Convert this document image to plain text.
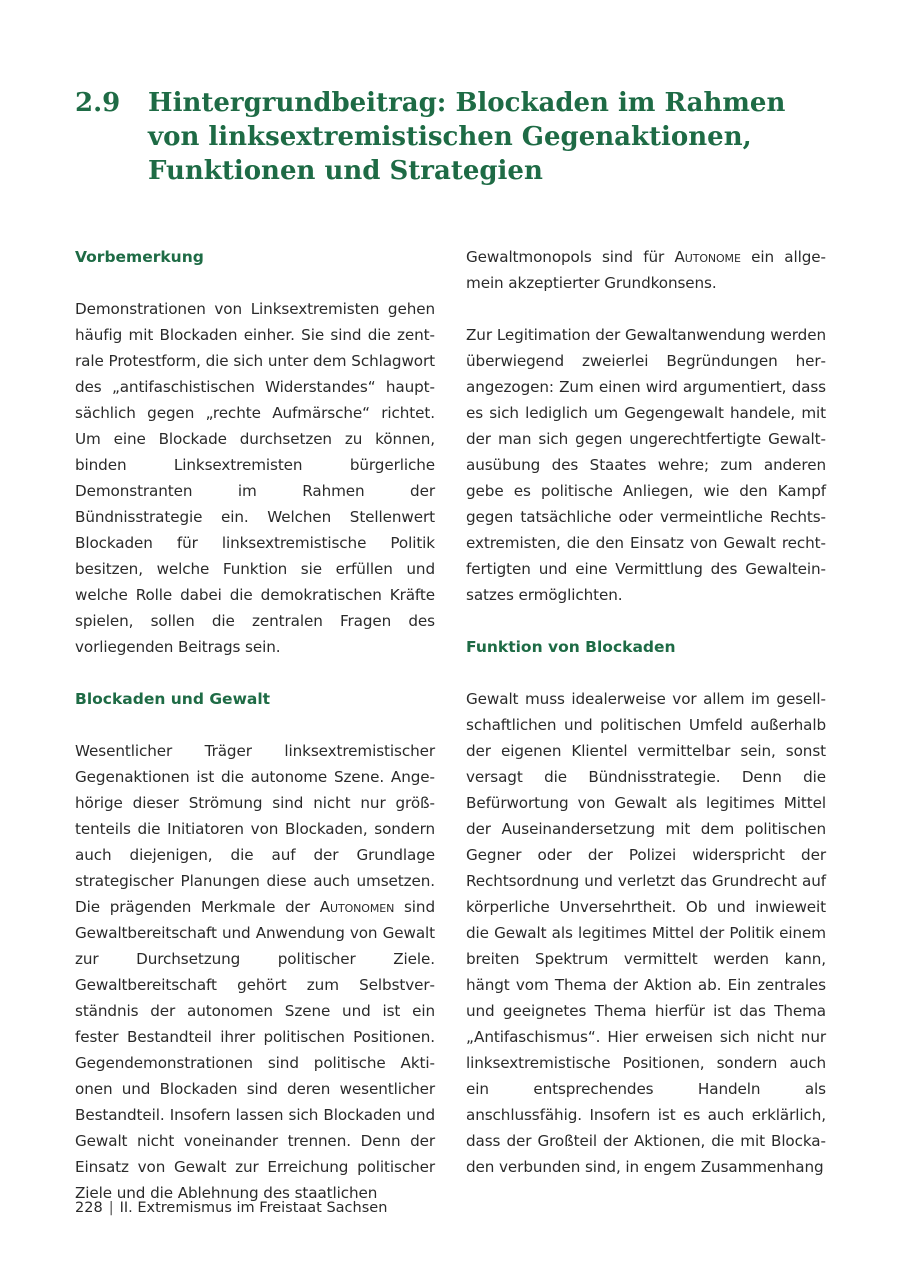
2.9 Hintergrundbeitrag: Blockaden im Rahmen von linksextremistischen Gegenaktionen, Funktionen und Strategien
Vorbemerkung

Demonstrationen von Linksextremisten gehen häufig mit Blockaden einher. Sie sind die zentrale Protestform, die sich unter dem Schlagwort des „antifaschistischen Widerstandes“ hauptsächlich gegen „rechte Aufmärsche“ richtet. Um eine Blockade durchsetzen zu können, binden Linksextremisten bürgerliche Demonstranten im Rahmen der Bündnisstrategie ein. Welchen Stellenwert Blockaden für linksextremistische Politik besitzen, welche Funktion sie erfüllen und welche Rolle dabei die demokratischen Kräfte spielen, sollen die zentralen Fragen des vorliegenden Beitrags sein.

Blockaden und Gewalt

Wesentlicher Träger linksextremistischer Gegenaktionen ist die autonome Szene. Angehörige dieser Strömung sind nicht nur größtenteils die Initiatoren von Blockaden, sondern auch diejenigen, die auf der Grundlage strategischer Planungen diese auch umsetzen. Die prägenden Merkmale der Autonomen sind Gewaltbereitschaft und Anwendung von Gewalt zur Durchsetzung politischer Ziele. Gewaltbereitschaft gehört zum Selbstverständnis der autonomen Szene und ist ein fester Bestandteil ihrer politischen Positionen. Gegendemonstrationen sind politische Aktionen und Blockaden sind deren wesentlicher Bestandteil. Insofern lassen sich Blockaden und Gewalt nicht voneinander trennen. Denn der Einsatz von Gewalt zur Erreichung politischer Ziele und die Ablehnung des staatlichen

Gewaltmonopols sind für Autonome ein allgemein akzeptierter Grundkonsens.

Zur Legitimation der Gewaltanwendung werden überwiegend zweierlei Begründungen herangezogen: Zum einen wird argumentiert, dass es sich lediglich um Gegengewalt handele, mit der man sich gegen ungerechtfertigte Gewaltausübung des Staates wehre; zum anderen gebe es politische Anliegen, wie den Kampf gegen tatsächliche oder vermeintliche Rechtsextremisten, die den Einsatz von Gewalt rechtfertigten und eine Vermittlung des Gewalteinsatzes ermöglichten.

Funktion von Blockaden

Gewalt muss idealerweise vor allem im gesellschaftlichen und politischen Umfeld außerhalb der eigenen Klientel vermittelbar sein, sonst versagt die Bündnisstrategie. Denn die Befürwortung von Gewalt als legitimes Mittel der Auseinandersetzung mit dem politischen Gegner oder der Polizei widerspricht der Rechtsordnung und verletzt das Grundrecht auf körperliche Unversehrtheit. Ob und inwieweit die Gewalt als legitimes Mittel der Politik einem breiten Spektrum vermittelt werden kann, hängt vom Thema der Aktion ab. Ein zentrales und geeignetes Thema hierfür ist das Thema „Antifaschismus“. Hier erweisen sich nicht nur linksextremistische Positionen, sondern auch ein entsprechendes Handeln als anschlussfähig. Insofern ist es auch erklärlich, dass der Großteil der Aktionen, die mit Blockaden verbunden sind, in engem Zusammenhang

228 | II. Extremismus im Freistaat Sachsen
